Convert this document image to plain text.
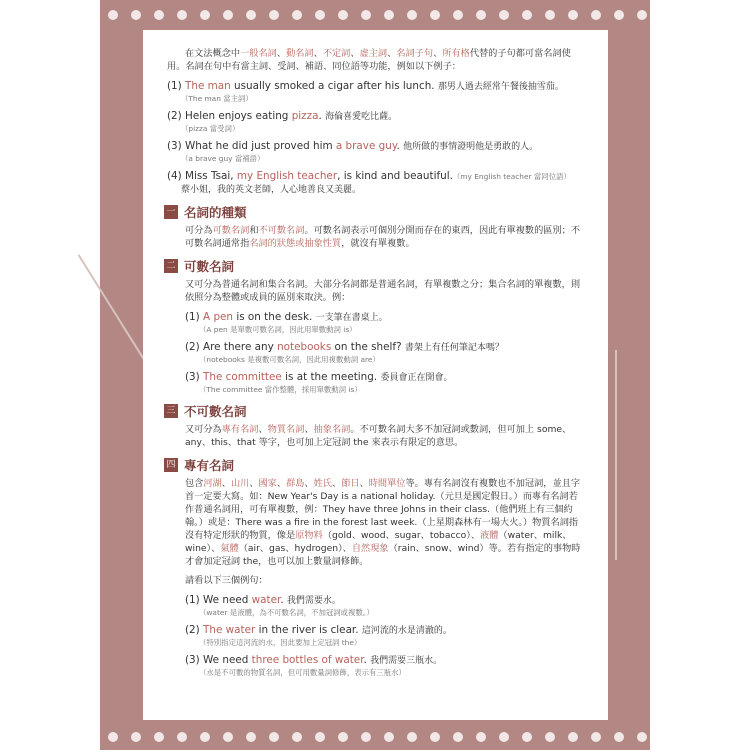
在文法概念中一般名詞、動名詞、不定詞、虛主詞、名詞子句、所有格代替的子句都可當名詞使用。名詞在句中有當主詞、受詞、補語、同位語等功能，例如以下例子：

(1) The man usually smoked a cigar after his lunch. 那男人過去經常午餐後抽雪茄。
（The man 當主詞）
(2) Helen enjoys eating pizza. 海倫喜愛吃比薩。
（pizza 當受詞）
(3) What he did just proved him a brave guy. 他所做的事情證明他是勇敢的人。
（a brave guy 當補語）
(4) Miss Tsai, my English teacher, is kind and beautiful.（my English teacher 當同位語）
蔡小姐，我的英文老師，人心地善良又美麗。
一 名詞的種類

可分為可數名詞和不可數名詞。可數名詞表示可個別分開而存在的東西，因此有單複數的區別；不可數名詞通常指名詞的狀態或抽象性質，就沒有單複數。

二 可數名詞

又可分為普通名詞和集合名詞。大部分名詞都是普通名詞，有單複數之分；集合名詞的單複數，則依照分為整體或成員的區別來取決。例：

(1) A pen is on the desk. 一支筆在書桌上。
（A pen 是單數可數名詞，因此用單數動詞 is）
(2) Are there any notebooks on the shelf? 書架上有任何筆記本嗎？
（notebooks 是複數可數名詞，因此用複數動詞 are）
(3) The committee is at the meeting. 委員會正在開會。
（The committee 當作整體，採用單數動詞 is）
三 不可數名詞

又可分為專有名詞、物質名詞、抽象名詞。不可數名詞大多不加冠詞或數詞，但可加上 some、any、this、that 等字，也可加上定冠詞 the 來表示有限定的意思。

四 專有名詞

包含河湖、山川、國家、群島、姓氏、節日、時間單位等。專有名詞沒有複數也不加冠詞，並且字首一定要大寫。如：New Year's Day is a national holiday.（元旦是國定假日。）而專有名詞若作普通名詞用，可有單複數，例：They have three Johns in their class.（他們班上有三個約翰。）或是：There was a fire in the forest last week.（上星期森林有一場大火。）物質名詞指沒有特定形狀的物質，像是原物料（gold、wood、sugar、tobacco）、液體（water、milk、wine）、氣體（air、gas、hydrogen）、自然現象（rain、snow、wind）等。若有指定的事物時才會加定冠詞 the，也可以加上數量詞修飾。

請看以下三個例句：

(1) We need water. 我們需要水。
（water 是液體，為不可數名詞，不加冠詞或複數。）
(2) The water in the river is clear. 這河流的水是清澈的。
（特別指定這河流的水，因此要加上定冠詞 the）
(3) We need three bottles of water. 我們需要三瓶水。
（水是不可數的物質名詞，但可用數量詞修飾，表示有三瓶水）
